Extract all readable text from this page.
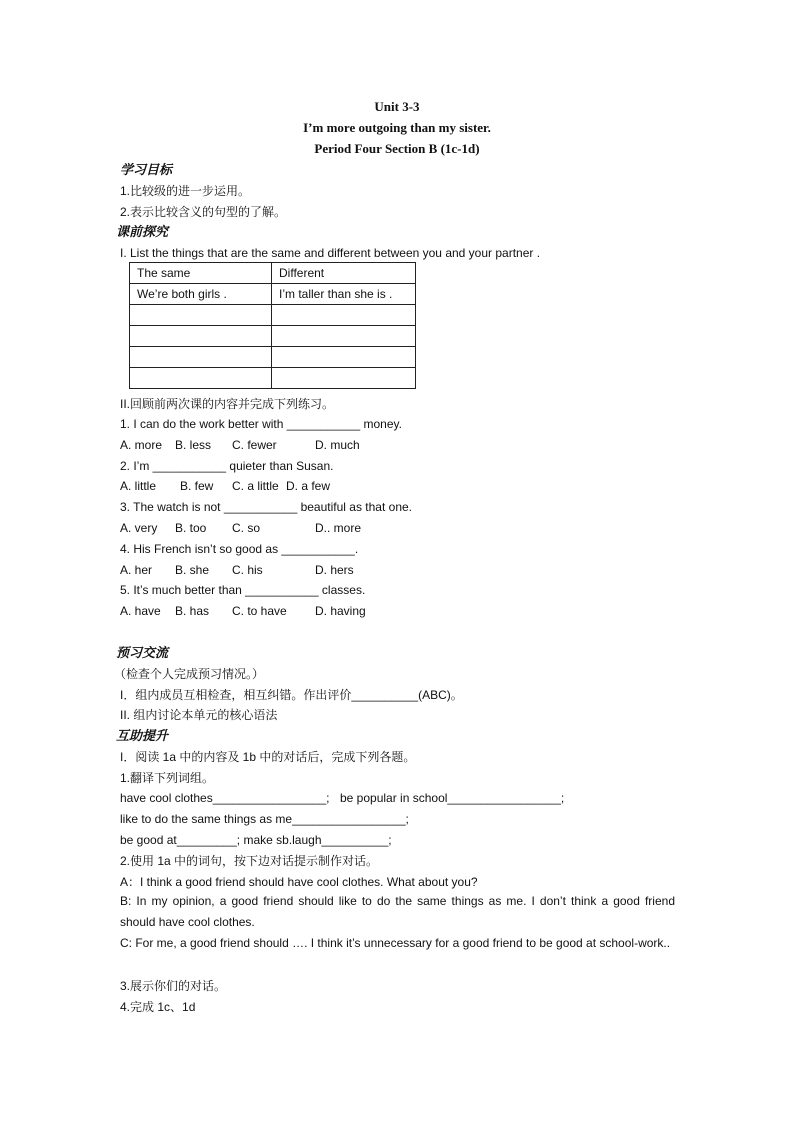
Unit 3-3
I’m more outgoing than my sister.
Period Four Section B (1c-1d)
学习目标
1.比较级的进一步运用。
2.表示比较含义的句型的了解。
课前探究
I. List the things that are the same and different between you and your partner .
The same	Different
We’re both girls .	I’m taller than she is .

II.回顾前两次课的内容并完成下列练习。
1. I can do the work better with ___________ money.
A. more B. less C. fewer	D. much
2. I’m ___________ quieter than Susan.
A. little B. few C. a little D. a few
3. The watch is not ___________ beautiful as that one.
A. very B. too C. so	D.. more
4. His French isn’t so good as ___________.
A. her B. she C. his	D. hers
5. It’s much better than ___________ classes.
A. have B. has C. to have D. having
预习交流
（检查个人完成预习情况。）
I．组内成员互相检查，相互纠错。作出评价__________(ABC)。
II. 组内讨论本单元的核心语法
互助提升
I．阅读 1a 中的内容及 1b 中的对话后，完成下列各题。
1.翻译下列词组。
have cool clothes_________________; be popular in school_________________;
like to do the same things as me_________________;
be good at_________; make sb.laugh__________;
2.使用 1a 中的词句，按下边对话提示制作对话。
A：I think a good friend should have cool clothes. What about you?
B: In my opinion, a good friend should like to do the same things as me. I don’t think a good friend should have cool clothes.
C: For me, a good friend should …. I think it’s unnecessary for a good friend to be good at school-work..
3.展示你们的对话。
4.完成 1c、1d
